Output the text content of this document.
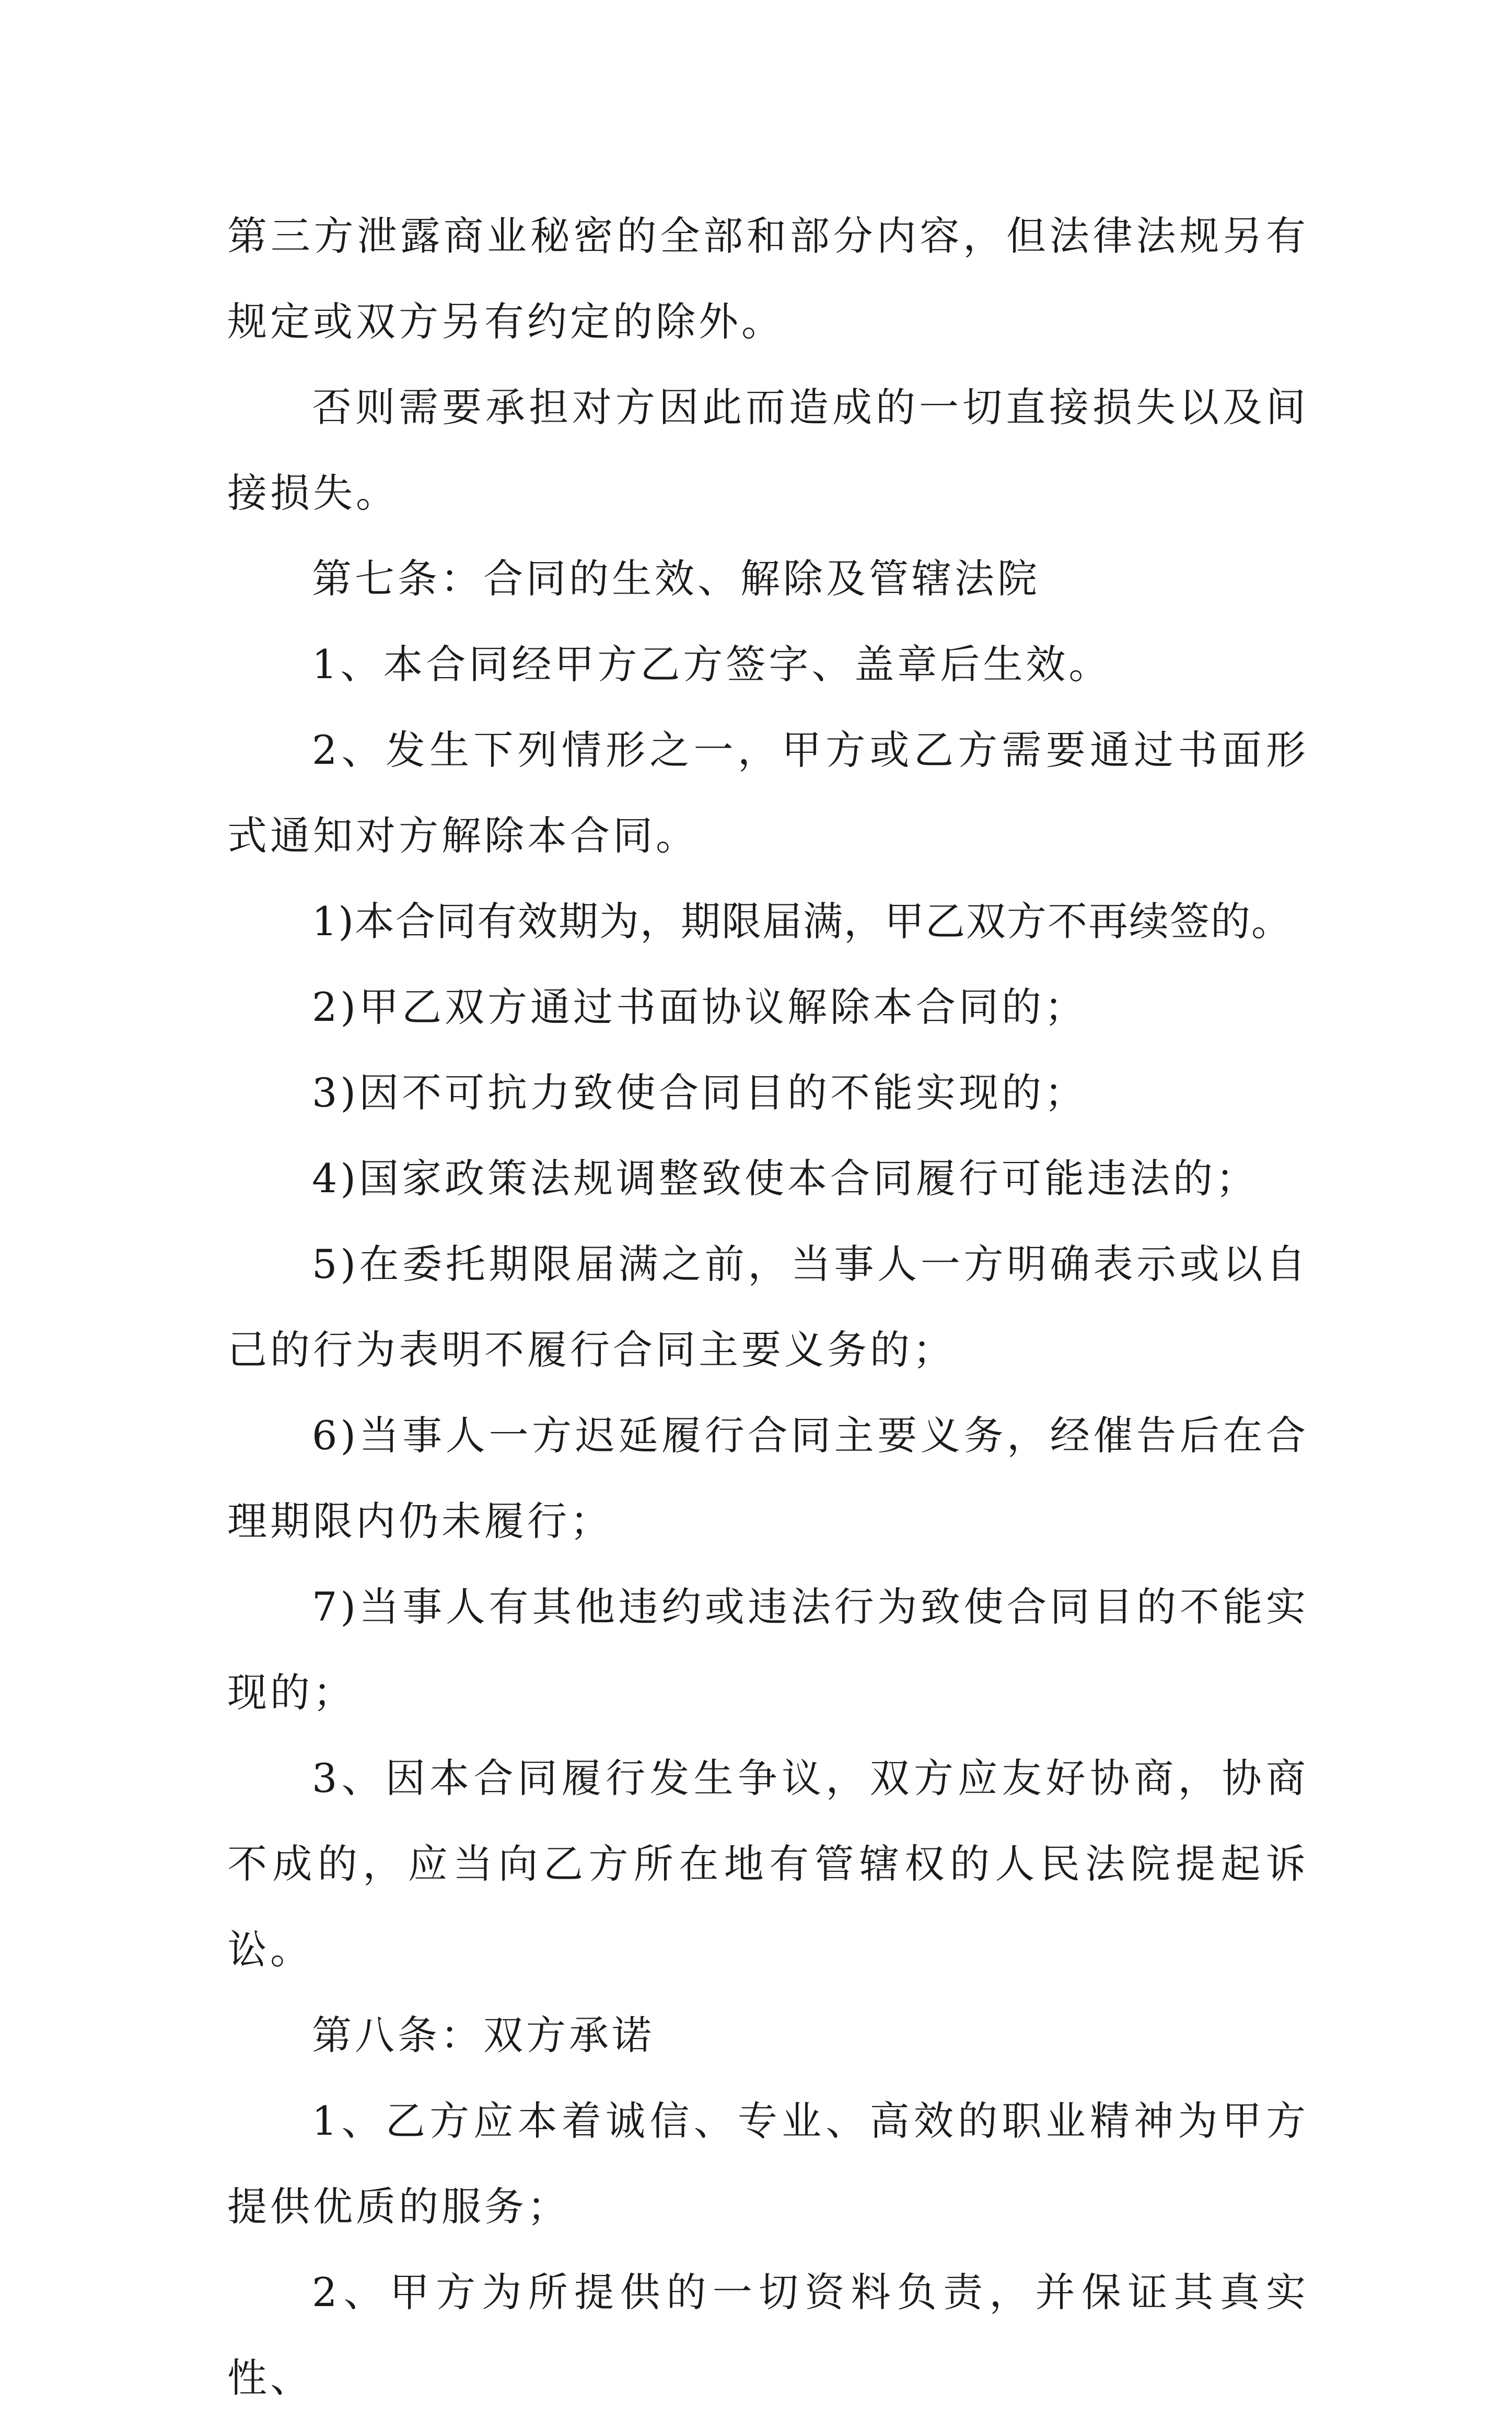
第三方泄露商业秘密的全部和部分内容，但法律法规另有规定或双方另有约定的除外。

否则需要承担对方因此而造成的一切直接损失以及间接损失。

第七条：合同的生效、解除及管辖法院

1、本合同经甲方乙方签字、盖章后生效。

2、发生下列情形之一，甲方或乙方需要通过书面形式通知对方解除本合同。

1)本合同有效期为，期限届满，甲乙双方不再续签的。

2)甲乙双方通过书面协议解除本合同的；

3)因不可抗力致使合同目的不能实现的；

4)国家政策法规调整致使本合同履行可能违法的；

5)在委托期限届满之前，当事人一方明确表示或以自己的行为表明不履行合同主要义务的；

6)当事人一方迟延履行合同主要义务，经催告后在合理期限内仍未履行；

7)当事人有其他违约或违法行为致使合同目的不能实现的；

3、因本合同履行发生争议，双方应友好协商，协商不成的，应当向乙方所在地有管辖权的人民法院提起诉讼。

第八条：双方承诺

1、乙方应本着诚信、专业、高效的职业精神为甲方提供优质的服务；

2、甲方为所提供的一切资料负责，并保证其真实性、
